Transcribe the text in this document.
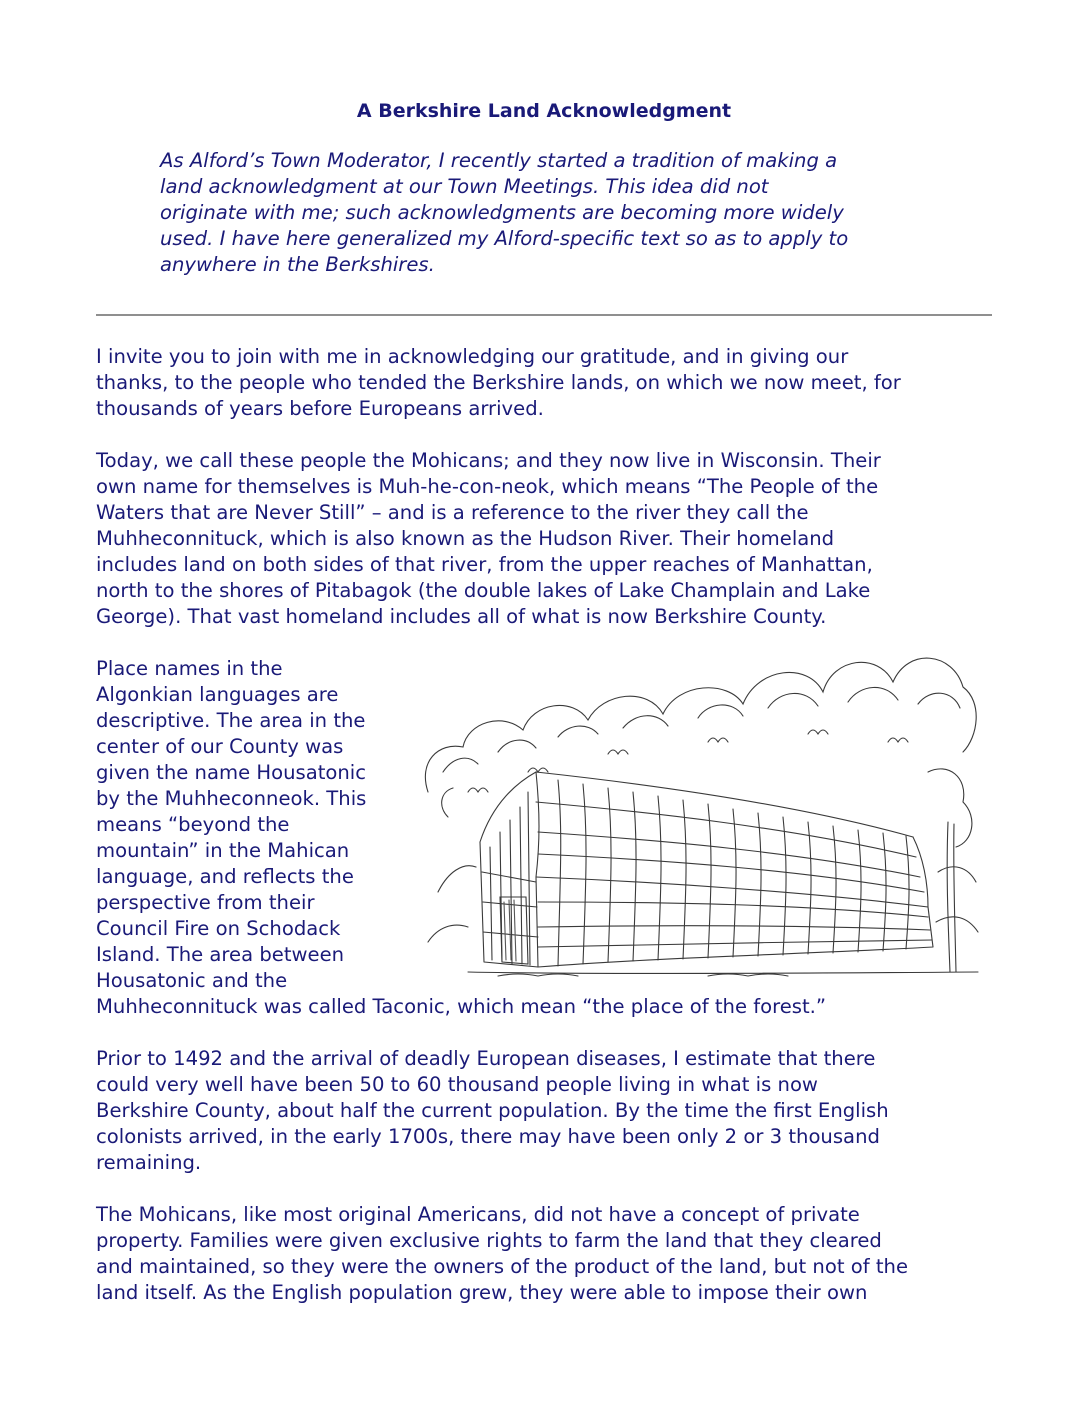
A Berkshire Land Acknowledgment
As Alford’s Town Moderator, I recently started a tradition of making a
land acknowledgment at our Town Meetings. This idea did not
originate with me; such acknowledgments are becoming more widely
used. I have here generalized my Alford-specific text so as to apply to
anywhere in the Berkshires.
I invite you to join with me in acknowledging our gratitude, and in giving our
thanks, to the people who tended the Berkshire lands, on which we now meet, for
thousands of years before Europeans arrived.
Today, we call these people the Mohicans; and they now live in Wisconsin. Their
own name for themselves is Muh-he-con-neok, which means “The People of the
Waters that are Never Still” – and is a reference to the river they call the
Muhheconnituck, which is also known as the Hudson River. Their homeland
includes land on both sides of that river, from the upper reaches of Manhattan,
north to the shores of Pitabagok (the double lakes of Lake Champlain and Lake
George). That vast homeland includes all of what is now Berkshire County.
Place names in the
Algonkian languages are
descriptive. The area in the
center of our County was
given the name Housatonic
by the Muhheconneok. This
means “beyond the
mountain” in the Mahican
language, and reflects the
perspective from their
Council Fire on Schodack
Island. The area between
Housatonic and the
Muhheconnituck was called Taconic, which mean “the place of the forest.”
Prior to 1492 and the arrival of deadly European diseases, I estimate that there
could very well have been 50 to 60 thousand people living in what is now
Berkshire County, about half the current population. By the time the first English
colonists arrived, in the early 1700s, there may have been only 2 or 3 thousand
remaining.
The Mohicans, like most original Americans, did not have a concept of private
property. Families were given exclusive rights to farm the land that they cleared
and maintained, so they were the owners of the product of the land, but not of the
land itself. As the English population grew, they were able to impose their own
